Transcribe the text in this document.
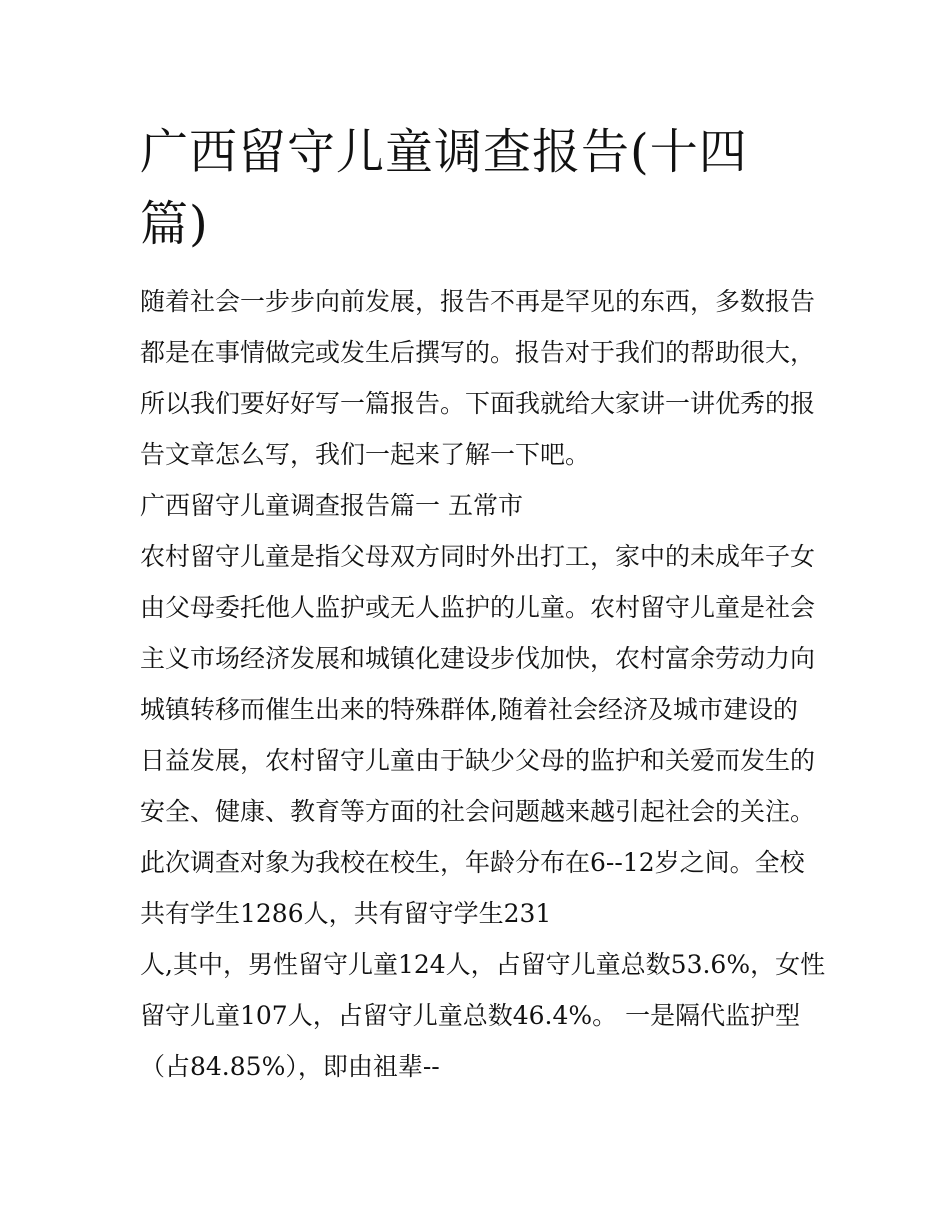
广西留守儿童调查报告(十四
篇)

随着社会一步步向前发展，报告不再是罕见的东西，多数报告

都是在事情做完或发生后撰写的。报告对于我们的帮助很大，

所以我们要好好写一篇报告。下面我就给大家讲一讲优秀的报

告文章怎么写，我们一起来了解一下吧。

广西留守儿童调查报告篇一 五常市

农村留守儿童是指父母双方同时外出打工，家中的未成年子女

由父母委托他人监护或无人监护的儿童。农村留守儿童是社会

主义市场经济发展和城镇化建设步伐加快，农村富余劳动力向

城镇转移而催生出来的特殊群体,随着社会经济及城市建设的

日益发展，农村留守儿童由于缺少父母的监护和关爱而发生的

安全、健康、教育等方面的社会问题越来越引起社会的关注。

此次调查对象为我校在校生，年龄分布在6--12岁之间。全校

共有学生1286人，共有留守学生231

人,其中，男性留守儿童124人，占留守儿童总数53.6%，女性

留守儿童107人，占留守儿童总数46.4%。 一是隔代监护型

（占84.85%），即由祖辈--
